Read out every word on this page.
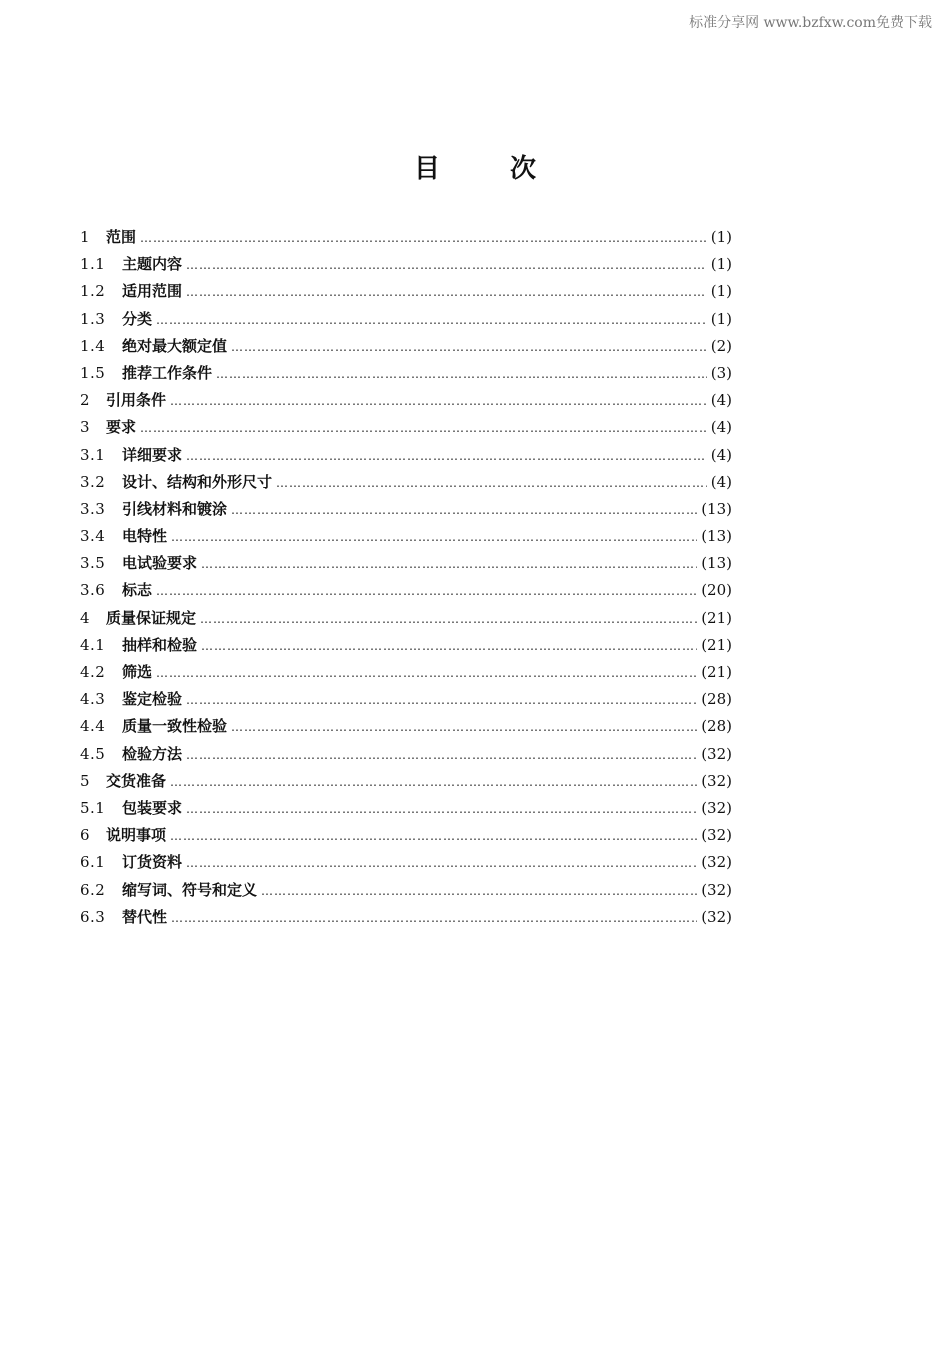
标准分享网 www.bzfxw.com免费下载
目	次
1	范围 ……………………………………………………………………………………………………………………………………………………………………………………………………………………………	(1)
1.1	主题内容 ……………………………………………………………………………………………………………………………………………………………………………………………………………………………	(1)
1.2	适用范围 ……………………………………………………………………………………………………………………………………………………………………………………………………………………………	(1)
1.3	分类 ……………………………………………………………………………………………………………………………………………………………………………………………………………………………	(1)
1.4	绝对最大额定值 ……………………………………………………………………………………………………………………………………………………………………………………………………………………………	(2)
1.5	推荐工作条件 ……………………………………………………………………………………………………………………………………………………………………………………………………………………………	(3)
2	引用条件 ……………………………………………………………………………………………………………………………………………………………………………………………………………………………	(4)
3	要求 ……………………………………………………………………………………………………………………………………………………………………………………………………………………………	(4)
3.1	详细要求 ……………………………………………………………………………………………………………………………………………………………………………………………………………………………	(4)
3.2	设计、结构和外形尺寸 ……………………………………………………………………………………………………………………………………………………………………………………………………………………………	(4)
3.3	引线材料和镀涂 ……………………………………………………………………………………………………………………………………………………………………………………………………………………………	(13)
3.4	电特性 ……………………………………………………………………………………………………………………………………………………………………………………………………………………………	(13)
3.5	电试验要求 ……………………………………………………………………………………………………………………………………………………………………………………………………………………………	(13)
3.6	标志 ……………………………………………………………………………………………………………………………………………………………………………………………………………………………	(20)
4	质量保证规定 ……………………………………………………………………………………………………………………………………………………………………………………………………………………………	(21)
4.1	抽样和检验 ……………………………………………………………………………………………………………………………………………………………………………………………………………………………	(21)
4.2	筛选 ……………………………………………………………………………………………………………………………………………………………………………………………………………………………	(21)
4.3	鉴定检验 ……………………………………………………………………………………………………………………………………………………………………………………………………………………………	(28)
4.4	质量一致性检验 ……………………………………………………………………………………………………………………………………………………………………………………………………………………………	(28)
4.5	检验方法 ……………………………………………………………………………………………………………………………………………………………………………………………………………………………	(32)
5	交货准备 ……………………………………………………………………………………………………………………………………………………………………………………………………………………………	(32)
5.1	包装要求 ……………………………………………………………………………………………………………………………………………………………………………………………………………………………	(32)
6	说明事项 ……………………………………………………………………………………………………………………………………………………………………………………………………………………………	(32)
6.1	订货资料 ……………………………………………………………………………………………………………………………………………………………………………………………………………………………	(32)
6.2	缩写词、符号和定义 ……………………………………………………………………………………………………………………………………………………………………………………………………………………………	(32)
6.3	替代性 ……………………………………………………………………………………………………………………………………………………………………………………………………………………………	(32)
